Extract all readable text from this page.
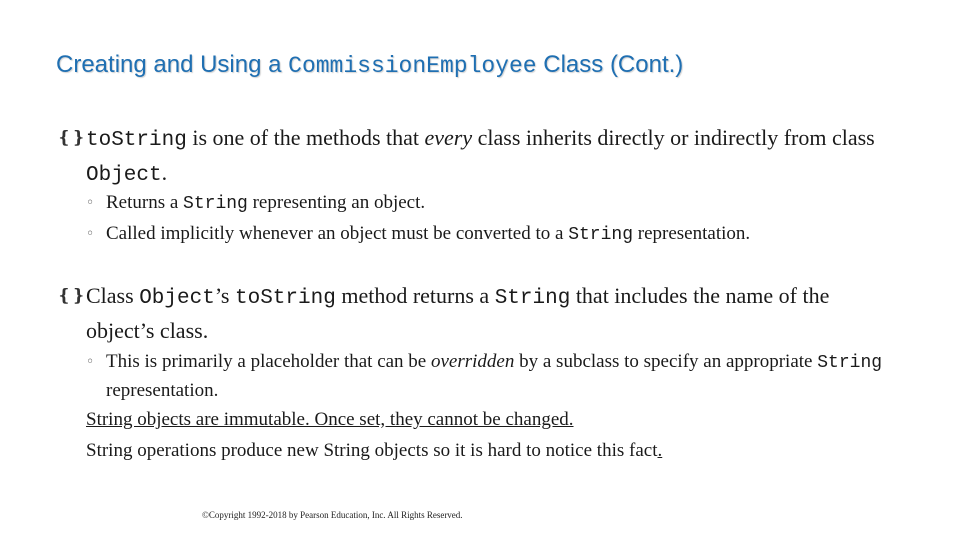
Creating and Using a CommissionEmployee Class (Cont.)
❴❵ toString is one of the methods that every class inherits directly or indirectly from class Object.
◦ Returns a String representing an object.
◦ Called implicitly whenever an object must be converted to a String representation.
❴❵ Class Object’s toString method returns a String that includes the name of the object’s class.
◦ This is primarily a placeholder that can be overridden by a subclass to specify an appropriate String representation.
String objects are immutable. Once set, they cannot be changed.
String operations produce new String objects so it is hard to notice this fact.
©Copyright 1992-2018 by Pearson Education, Inc. All Rights Reserved.
